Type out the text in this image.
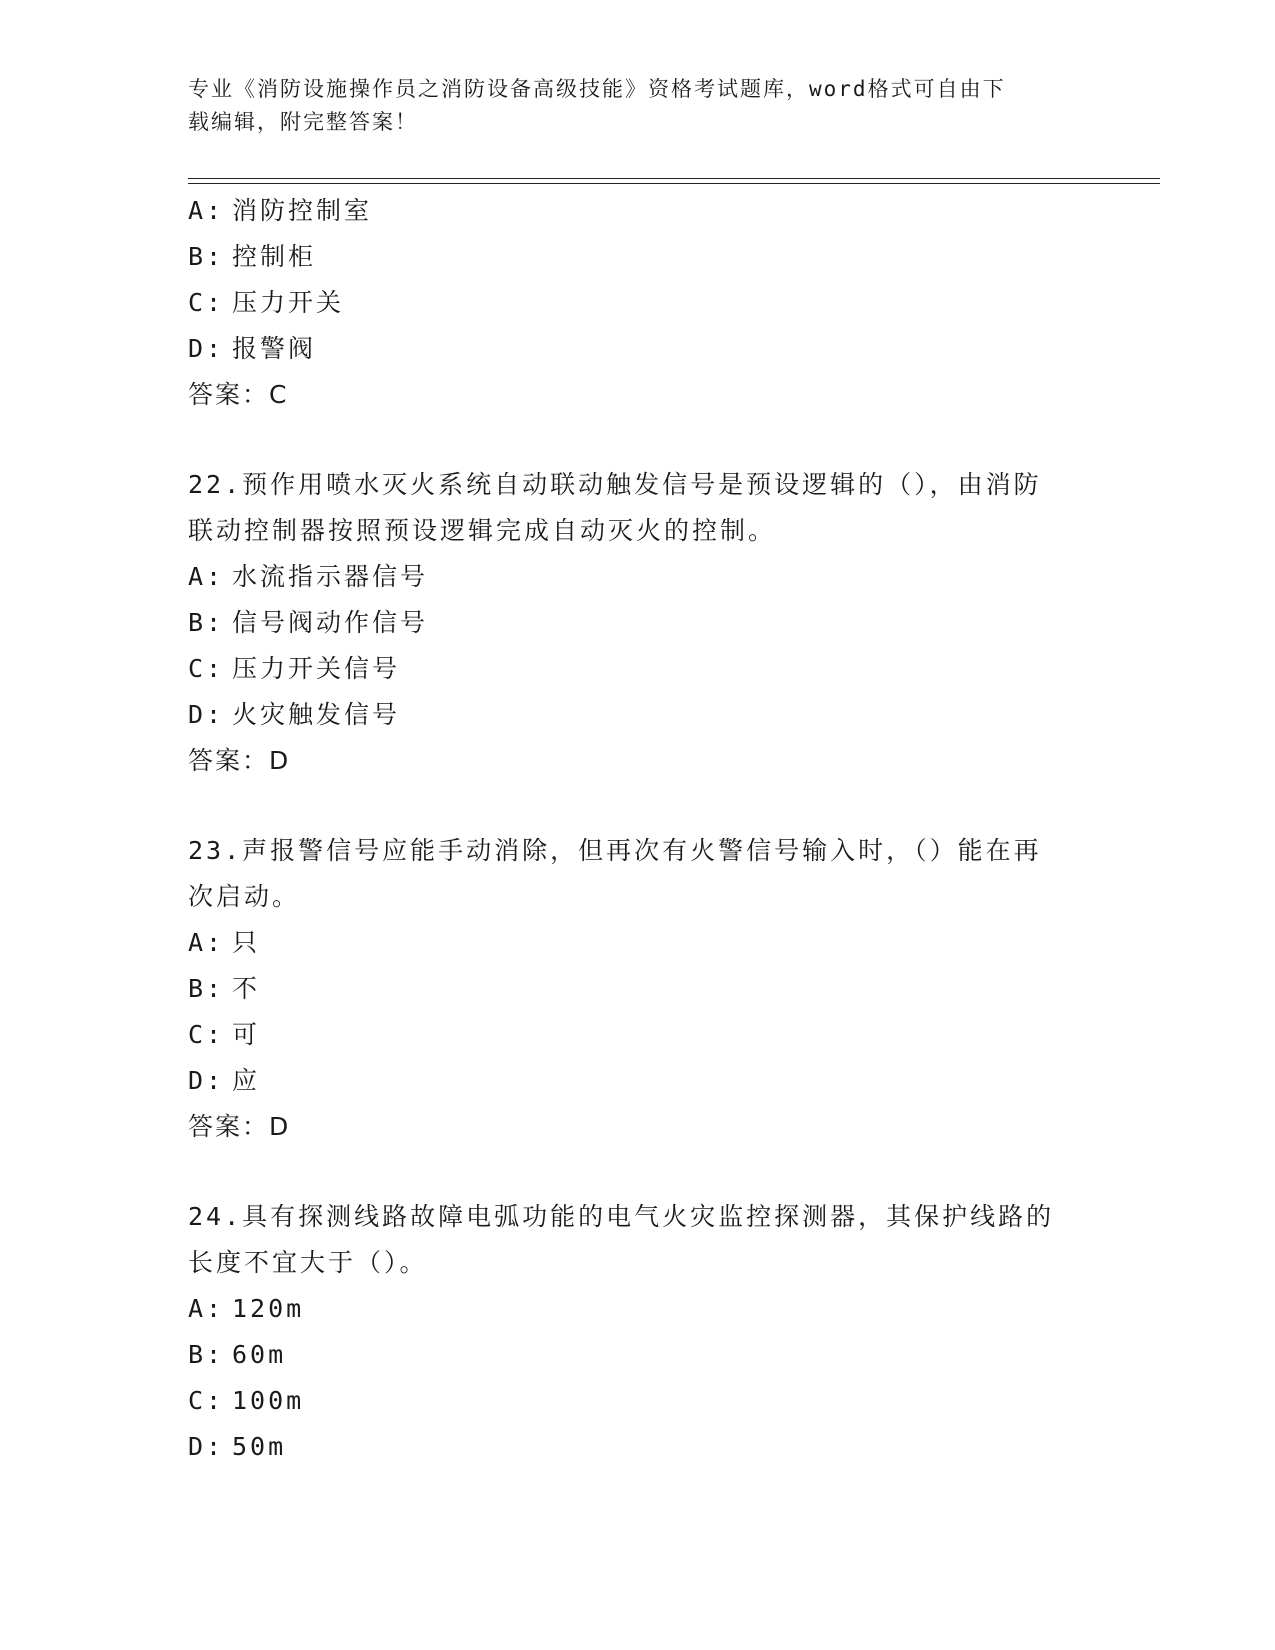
专业《消防设施操作员之消防设备高级技能》资格考试题库，word格式可自由下
载编辑，附完整答案！
A: 消防控制室
B: 控制柜
C: 压力开关
D: 报警阀
答案：C
22.预作用喷水灭火系统自动联动触发信号是预设逻辑的（），由消防
联动控制器按照预设逻辑完成自动灭火的控制。
A: 水流指示器信号
B: 信号阀动作信号
C: 压力开关信号
D: 火灾触发信号
答案：D
23.声报警信号应能手动消除，但再次有火警信号输入时，（）能在再
次启动。
A: 只
B: 不
C: 可
D: 应
答案：D
24.具有探测线路故障电弧功能的电气火灾监控探测器，其保护线路的
长度不宜大于（）。
A: 120m
B: 60m
C: 100m
D: 50m
